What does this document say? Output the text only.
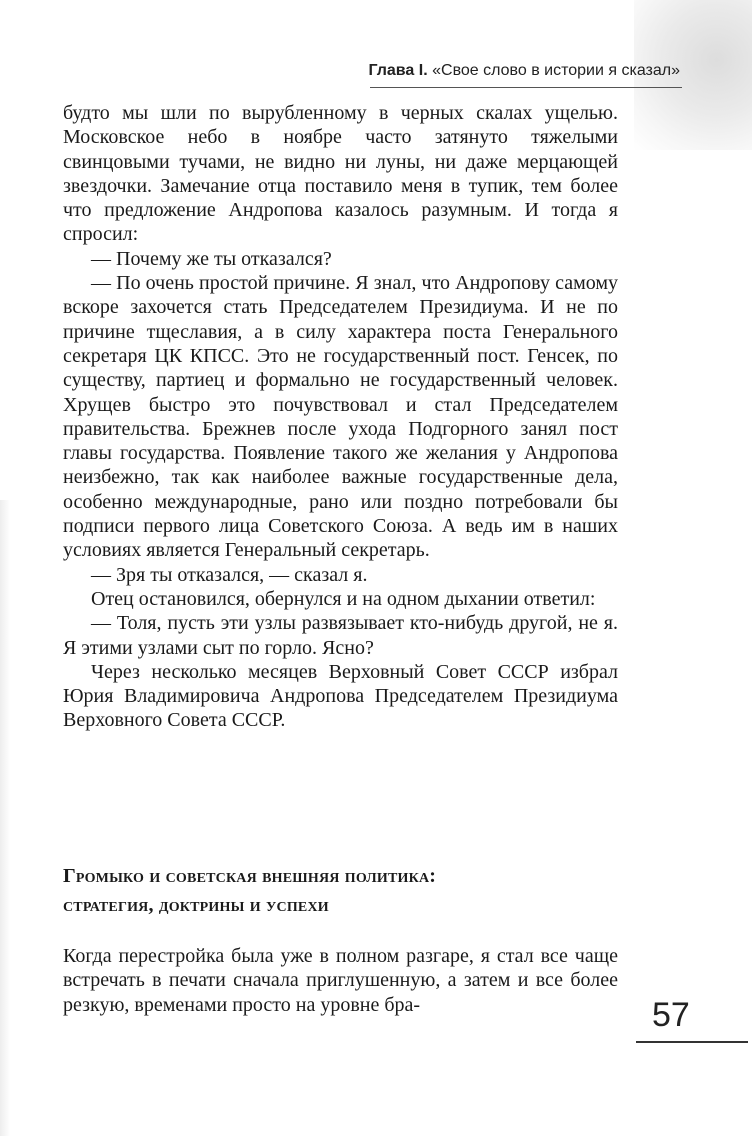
Глава I. «Свое слово в истории я сказал»

будто мы шли по вырубленному в черных скалах ущелью. Московское небо в ноябре часто затянуто тяжелыми свинцовыми тучами, не видно ни луны, ни даже мерцающей звездочки. Замечание отца поставило меня в тупик, тем более что предложение Андропова казалось разумным. И тогда я спросил:

— Почему же ты отказался?

— По очень простой причине. Я знал, что Андропову самому вскоре захочется стать Председателем Президиума. И не по причине тщеславия, а в силу характера поста Генерального секретаря ЦК КПСС. Это не государственный пост. Генсек, по существу, партиец и формально не государственный человек. Хрущев быстро это почувствовал и стал Председателем правительства. Брежнев после ухода Подгорного занял пост главы государства. Появление такого же желания у Андропова неизбежно, так как наиболее важные государственные дела, особенно международные, рано или поздно потребовали бы подписи первого лица Советского Союза. А ведь им в наших условиях является Генеральный секретарь.

— Зря ты отказался, — сказал я.

Отец остановился, обернулся и на одном дыхании ответил:

— Толя, пусть эти узлы развязывает кто-нибудь другой, не я. Я этими узлами сыт по горло. Ясно?

Через несколько месяцев Верховный Совет СССР избрал Юрия Владимировича Андропова Председателем Президиума Верховного Совета СССР.

Громыко и советская внешняя политика:
стратегия, доктрины и успехи

Когда перестройка была уже в полном разгаре, я стал все чаще встречать в печати сначала приглушенную, а затем и все более резкую, временами просто на уровне бра-	57
